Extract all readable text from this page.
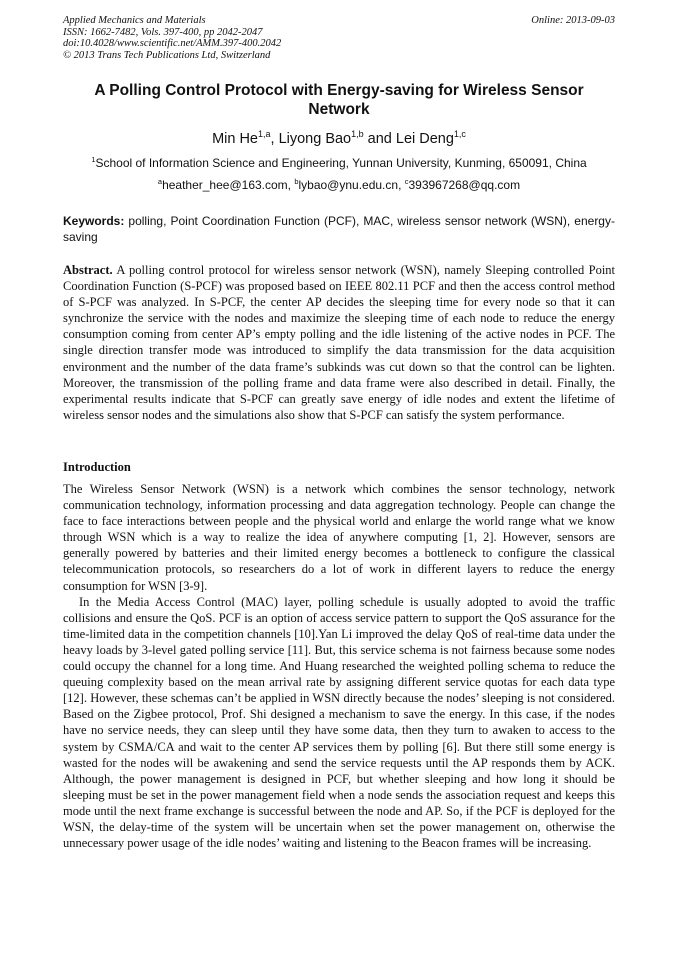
Applied Mechanics and Materials
ISSN: 1662-7482, Vols. 397-400, pp 2042-2047
doi:10.4028/www.scientific.net/AMM.397-400.2042
© 2013 Trans Tech Publications Ltd, Switzerland
Online: 2013-09-03
A Polling Control Protocol with Energy-saving for Wireless Sensor Network
Min He$^{1,a}$, Liyong Bao$^{1,b}$ and Lei Deng$^{1,c}$
$^1$School of Information Science and Engineering, Yunnan University, Kunming, 650091, China
$^a$heather_hee@163.com, $^b$lybao@ynu.edu.cn, $^c$393967268@qq.com
Keywords: polling, Point Coordination Function (PCF), MAC, wireless sensor network (WSN), energy-saving
Abstract. A polling control protocol for wireless sensor network (WSN), namely Sleeping controlled Point Coordination Function (S-PCF) was proposed based on IEEE 802.11 PCF and then the access control method of S-PCF was analyzed. In S-PCF, the center AP decides the sleeping time for every node so that it can synchronize the service with the nodes and maximize the sleeping time of each node to reduce the energy consumption coming from center AP’s empty polling and the idle listening of the active nodes in PCF. The single direction transfer mode was introduced to simplify the data transmission for the data acquisition environment and the number of the data frame’s subkinds was cut down so that the control can be lighten. Moreover, the transmission of the polling frame and data frame were also described in detail. Finally, the experimental results indicate that S-PCF can greatly save energy of idle nodes and extent the lifetime of wireless sensor nodes and the simulations also show that S-PCF can satisfy the system performance.
Introduction

The Wireless Sensor Network (WSN) is a network which combines the sensor technology, network communication technology, information processing and data aggregation technology. People can change the face to face interactions between people and the physical world and enlarge the world range what we know through WSN which is a way to realize the idea of anywhere computing [1, 2]. However, sensors are generally powered by batteries and their limited energy becomes a bottleneck to configure the classical telecommunication protocols, so researchers do a lot of work in different layers to reduce the energy consumption for WSN [3-9].

In the Media Access Control (MAC) layer, polling schedule is usually adopted to avoid the traffic collisions and ensure the QoS. PCF is an option of access service pattern to support the QoS assurance for the time-limited data in the competition channels [10].Yan Li improved the delay QoS of real-time data under the heavy loads by 3-level gated polling service [11]. But, this service schema is not fairness because some nodes could occupy the channel for a long time. And Huang researched the weighted polling schema to reduce the queuing complexity based on the mean arrival rate by assigning different service quotas for each data type [12]. However, these schemas can’t be applied in WSN directly because the nodes’ sleeping is not considered. Based on the Zigbee protocol, Prof. Shi designed a mechanism to save the energy. In this case, if the nodes have no service needs, they can sleep until they have some data, then they turn to awaken to access to the system by CSMA/CA and wait to the center AP services them by polling [6]. But there still some energy is wasted for the nodes will be awakening and send the service requests until the AP responds them by ACK. Although, the power management is designed in PCF, but whether sleeping and how long it should be sleeping must be set in the power management field when a node sends the association request and keeps this mode until the next frame exchange is successful between the node and AP. So, if the PCF is deployed for the WSN, the delay-time of the system will be uncertain when set the power management on, otherwise the unnecessary power usage of the idle nodes’ waiting and listening to the Beacon frames will be increasing.
